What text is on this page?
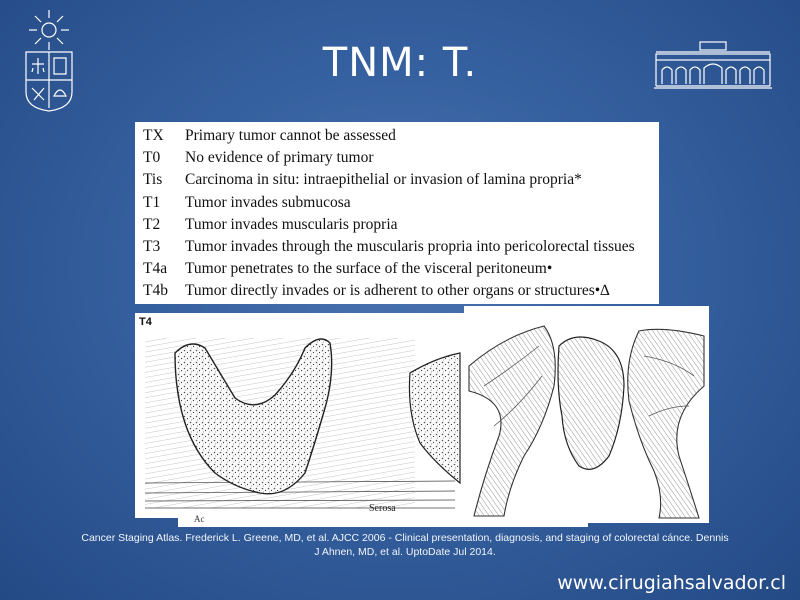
TNM: T.
TX	Primary tumor cannot be assessed
T0	No evidence of primary tumor
Tis	Carcinoma in situ: intraepithelial or invasion of lamina propria*
T1	Tumor invades submucosa
T2	Tumor invades muscularis propria
T3	Tumor invades through the muscularis propria into pericolorectal tissues
T4a	Tumor penetrates to the surface of the visceral peritoneum•
T4b	Tumor directly invades or is adherent to other organs or structures•∆
T4
Serosa
Ac
Cancer Staging Atlas. Frederick L. Greene, MD, et al. AJCC 2006 - Clinical presentation, diagnosis, and staging of colorectal cánce. Dennis
J Ahnen, MD, et al. UptoDate Jul 2014.
www.cirugiahsalvador.cl
